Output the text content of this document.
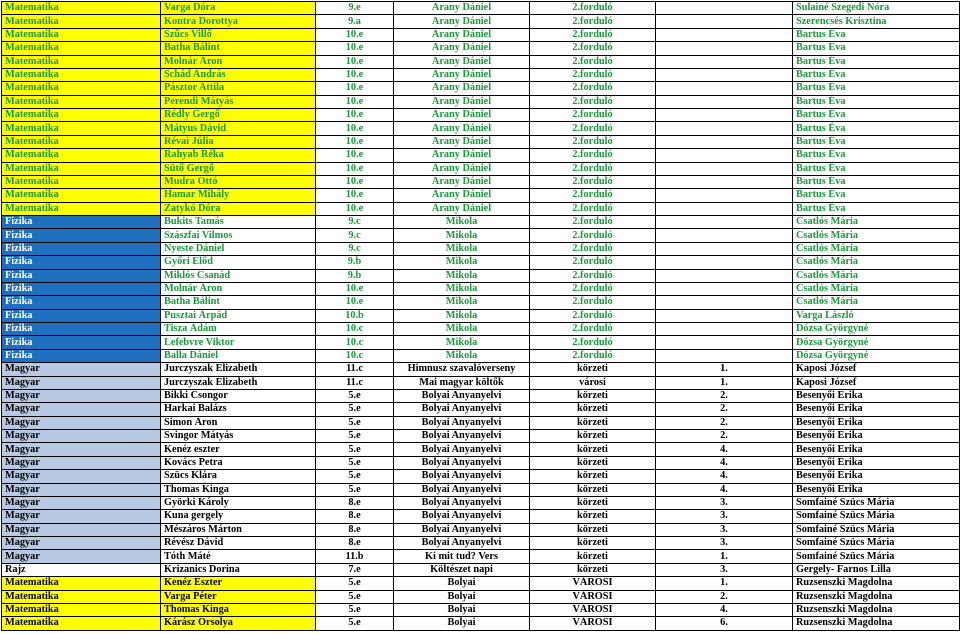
Matematika	Varga Dóra	9.e	Arany Dániel	2.forduló		Sulainé Szegedi Nóra
Matematika	Kontra Dorottya	9.a	Arany Dániel	2.forduló		Szerencsés Krisztina
Matematika	Szűcs Villő	10.e	Arany Dániel	2.forduló		Bartus Éva
Matematika	Batha Bálint	10.e	Arany Dániel	2.forduló		Bartus Éva
Matematika	Molnár Áron	10.e	Arany Dániel	2.forduló		Bartus Éva
Matematika	Schád András	10.e	Arany Dániel	2.forduló		Bartus Éva
Matematika	Pásztor Attila	10.e	Arany Dániel	2.forduló		Bartus Éva
Matematika	Perendi Mátyás	10.e	Arany Dániel	2.forduló		Bartus Éva
Matematika	Rédly Gergő	10.e	Arany Dániel	2.forduló		Bartus Éva
Matematika	Mátyus Dávid	10.e	Arany Dániel	2.forduló		Bartus Éva
Matematika	Révai Júlia	10.e	Arany Dániel	2.forduló		Bartus Éva
Matematika	Rahyab Réka	10.e	Arany Dániel	2.forduló		Bartus Éva
Matematika	Sütő Gergő	10.e	Arany Dániel	2.forduló		Bartus Éva
Matematika	Mudra Ottó	10.e	Arany Dániel	2.forduló		Bartus Éva
Matematika	Hamar Mihály	10.e	Arany Dániel	2.forduló		Bartus Éva
Matematika	Zatykó Dóra	10.e	Arany Dániel	2.forduló		Bartus Éva
Fizika	Bukits Tamás	9.c	Mikola	2.forduló		Csatlós Mária
Fizika	Szászfai Vilmos	9.c	Mikola	2.forduló		Csatlós Mária
Fizika	Nyeste Dániel	9.c	Mikola	2.forduló		Csatlós Mária
Fizika	Győri Előd	9.b	Mikola	2.forduló		Csatlós Mária
Fizika	Miklós Csanád	9.b	Mikola	2.forduló		Csatlós Mária
Fizika	Molnár Áron	10.e	Mikola	2.forduló		Csatlós Mária
Fizika	Batha Bálint	10.e	Mikola	2.forduló		Csatlós Mária
Fizika	Pusztai Árpád	10.b	Mikola	2.forduló		Varga László
Fizika	Tisza Ádám	10.c	Mikola	2.forduló		Dózsa Györgyné
Fizika	Lefebvre Viktor	10.c	Mikola	2.forduló		Dózsa Györgyné
Fizika	Balla Dániel	10.c	Mikola	2.forduló		Dózsa Györgyné
Magyar	Jurczyszak Elizabeth	11.c	Himnusz szavalóverseny	körzeti	1.	Kaposi József
Magyar	Jurczyszak Elizabeth	11.c	Mai magyar költők	városi	1.	Kaposi József
Magyar	Bikki Csongor	5.e	Bolyai Anyanyelvi	körzeti	2.	Besenyői Erika
Magyar	Harkai Balázs	5.e	Bolyai Anyanyelvi	körzeti	2.	Besenyői Erika
Magyar	Simon Áron	5.e	Bolyai Anyanyelvi	körzeti	2.	Besenyői Erika
Magyar	Svingor Mátyás	5.e	Bolyai Anyanyelvi	körzeti	2.	Besenyői Erika
Magyar	Kenéz eszter	5.e	Bolyai Anyanyelvi	körzeti	4.	Besenyői Erika
Magyar	Kovács Petra	5.e	Bolyai Anyanyelvi	körzeti	4.	Besenyői Erika
Magyar	Szücs Klára	5.e	Bolyai Anyanyelvi	körzeti	4.	Besenyői Erika
Magyar	Thomas Kinga	5.e	Bolyai Anyanyelvi	körzeti	4.	Besenyői Erika
Magyar	Györki Károly	8.e	Bolyai Anyanyelvi	körzeti	3.	Somfainé Szücs Mária
Magyar	Kuna gergely	8.e	Bolyai Anyanyelvi	körzeti	3.	Somfainé Szücs Mária
Magyar	Mészáros Márton	8.e	Bolyai Anyanyelvi	körzeti	3.	Somfainé Szücs Mária
Magyar	Révész Dávid	8.e	Bolyai Anyanyelvi	körzeti	3.	Somfainé Szücs Mária
Magyar	Tóth Máté	11.b	Ki mit tud? Vers	körzeti	1.	Somfainé Szücs Mária
Rajz	Krizanics Dorina	7.e	Költészet napi	körzeti	3.	Gergely- Farnos Lilla
Matematika	Kenéz Eszter	5.e	Bolyai	VÁROSI	1.	Ruzsenszki Magdolna
Matematika	Varga Péter	5.e	Bolyai	VÁROSI	2.	Ruzsenszki Magdolna
Matematika	Thomas Kinga	5.e	Bolyai	VÁROSI	4.	Ruzsenszki Magdolna
Matematika	Kárász Orsolya	5.e	Bolyai	VÁROSI	6.	Ruzsenszki Magdolna
